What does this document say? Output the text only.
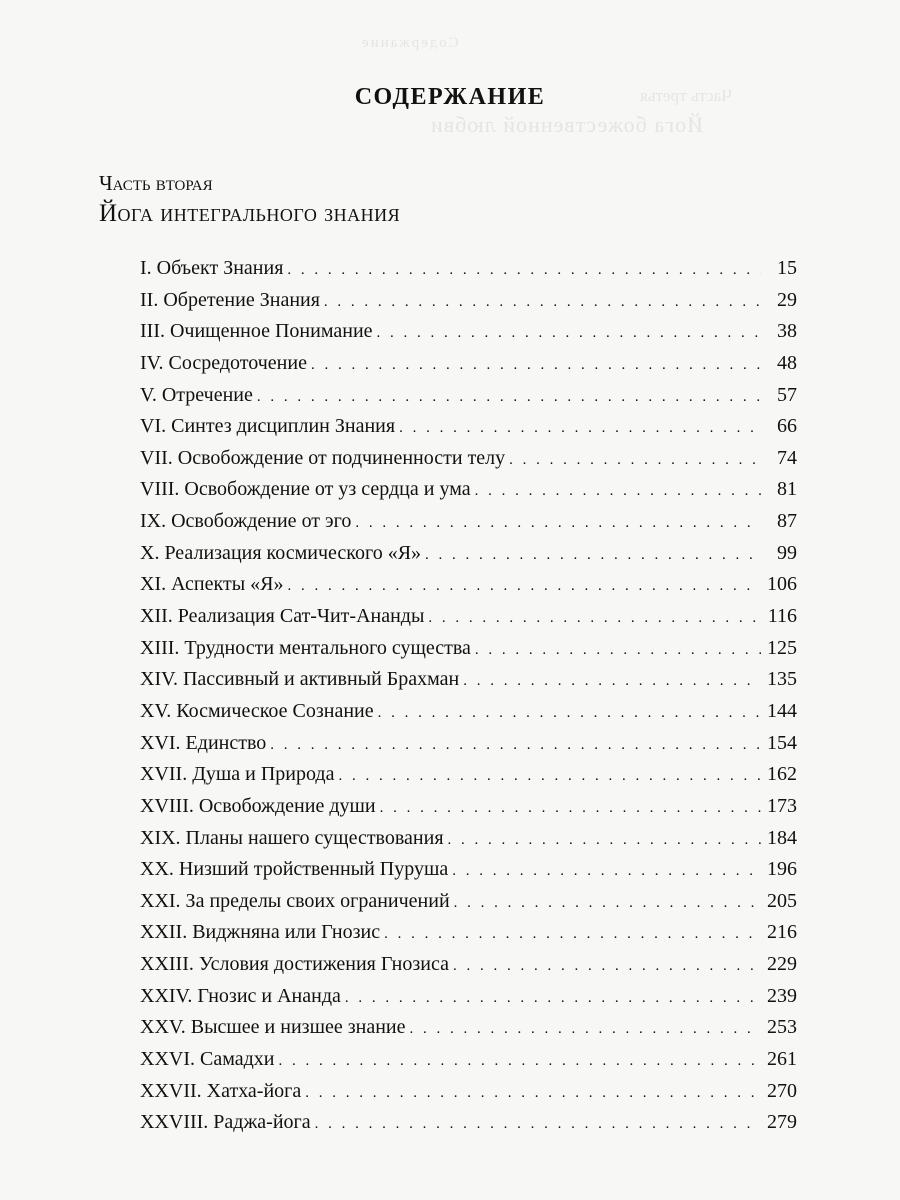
Содержание
Часть третья
Йога божественной любви
СОДЕРЖАНИЕ
Часть вторая
Йога интегрального знания
I. Объект Знания . . .	15
II. Обретение Знания . . .	29
III. Очищенное Понимание . . .	38
IV. Сосредоточение . . .	48
V. Отречение . . .	57
VI. Синтез дисциплин Знания . . .	66
VII. Освобождение от подчиненности телу . . .	74
VIII. Освобождение от уз сердца и ума . . .	81
IX. Освобождение от эго . . .	87
X. Реализация космического «Я» . . .	99
XI. Аспекты «Я» . . .	106
XII. Реализация Сат-Чит-Ананды . . .	116
XIII. Трудности ментального существа . . .	125
XIV. Пассивный и активный Брахман . . .	135
XV. Космическое Сознание . . .	144
XVI. Единство . . .	154
XVII. Душа и Природа . . .	162
XVIII. Освобождение души . . .	173
XIX. Планы нашего существования . . .	184
XX. Низший тройственный Пуруша . . .	196
XXI. За пределы своих ограничений . . .	205
XXII. Виджняна или Гнозис . . .	216
XXIII. Условия достижения Гнозиса . . .	229
XXIV. Гнозис и Ананда . . .	239
XXV. Высшее и низшее знание . . .	253
XXVI. Самадхи . . .	261
XXVII. Хатха-йога . . .	270
XXVIII. Раджа-йога . . .	279
